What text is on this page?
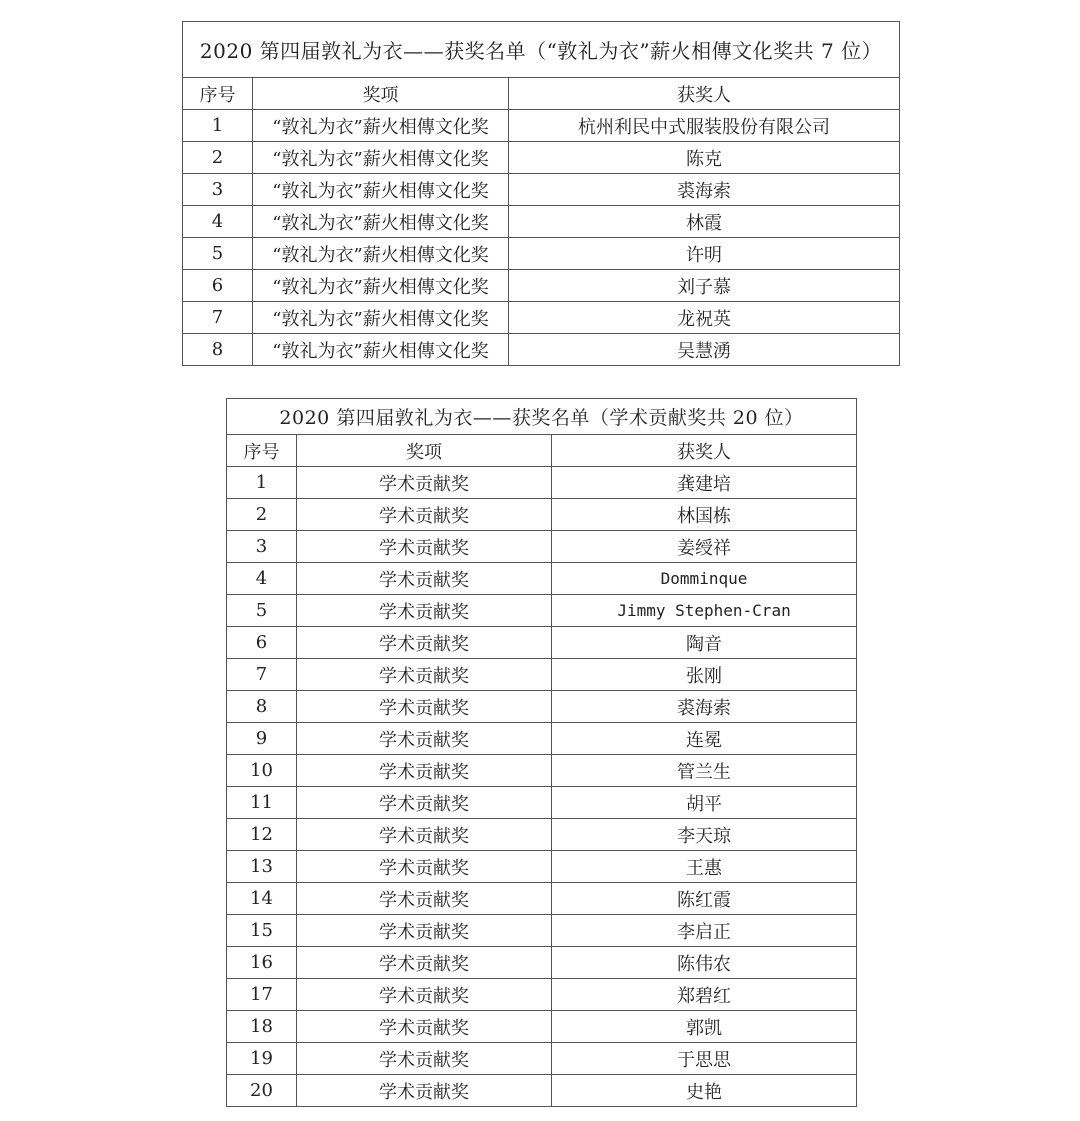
2020 第四届敦礼为衣——获奖名单（“敦礼为衣”薪火相傳文化奖共 7 位）		
序号	奖项	获奖人
1	“敦礼为衣”薪火相傳文化奖	杭州利民中式服装股份有限公司
2	“敦礼为衣”薪火相傳文化奖	陈克
3	“敦礼为衣”薪火相傳文化奖	裘海索
4	“敦礼为衣”薪火相傳文化奖	林霞
5	“敦礼为衣”薪火相傳文化奖	许明
6	“敦礼为衣”薪火相傳文化奖	刘子慕
7	“敦礼为衣”薪火相傳文化奖	龙祝英
8	“敦礼为衣”薪火相傳文化奖	吴慧湧
2020 第四届敦礼为衣——获奖名单（学术贡献奖共 20 位）		
序号	奖项	获奖人
1	学术贡献奖	龚建培
2	学术贡献奖	林国栋
3	学术贡献奖	姜绶祥
4	学术贡献奖	Domminque
5	学术贡献奖	Jimmy Stephen-Cran
6	学术贡献奖	陶音
7	学术贡献奖	张刚
8	学术贡献奖	裘海索
9	学术贡献奖	连冕
10	学术贡献奖	管兰生
11	学术贡献奖	胡平
12	学术贡献奖	李天琼
13	学术贡献奖	王惠
14	学术贡献奖	陈红霞
15	学术贡献奖	李启正
16	学术贡献奖	陈伟农
17	学术贡献奖	郑碧红
18	学术贡献奖	郭凯
19	学术贡献奖	于思思
20	学术贡献奖	史艳
